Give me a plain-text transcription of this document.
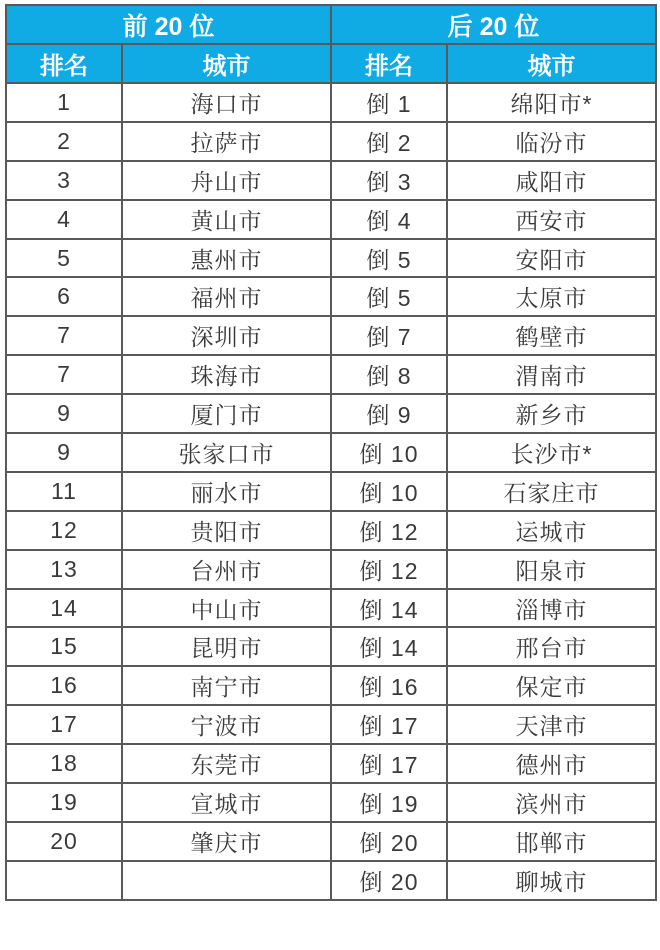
前 20 位		后 20 位	
排名	城市	排名	城市
1	海口市	倒 1	绵阳市*
2	拉萨市	倒 2	临汾市
3	舟山市	倒 3	咸阳市
4	黄山市	倒 4	西安市
5	惠州市	倒 5	安阳市
6	福州市	倒 5	太原市
7	深圳市	倒 7	鹤壁市
7	珠海市	倒 8	渭南市
9	厦门市	倒 9	新乡市
9	张家口市	倒 10	长沙市*
11	丽水市	倒 10	石家庄市
12	贵阳市	倒 12	运城市
13	台州市	倒 12	阳泉市
14	中山市	倒 14	淄博市
15	昆明市	倒 14	邢台市
16	南宁市	倒 16	保定市
17	宁波市	倒 17	天津市
18	东莞市	倒 17	德州市
19	宣城市	倒 19	滨州市
20	肇庆市	倒 20	邯郸市
		倒 20	聊城市
